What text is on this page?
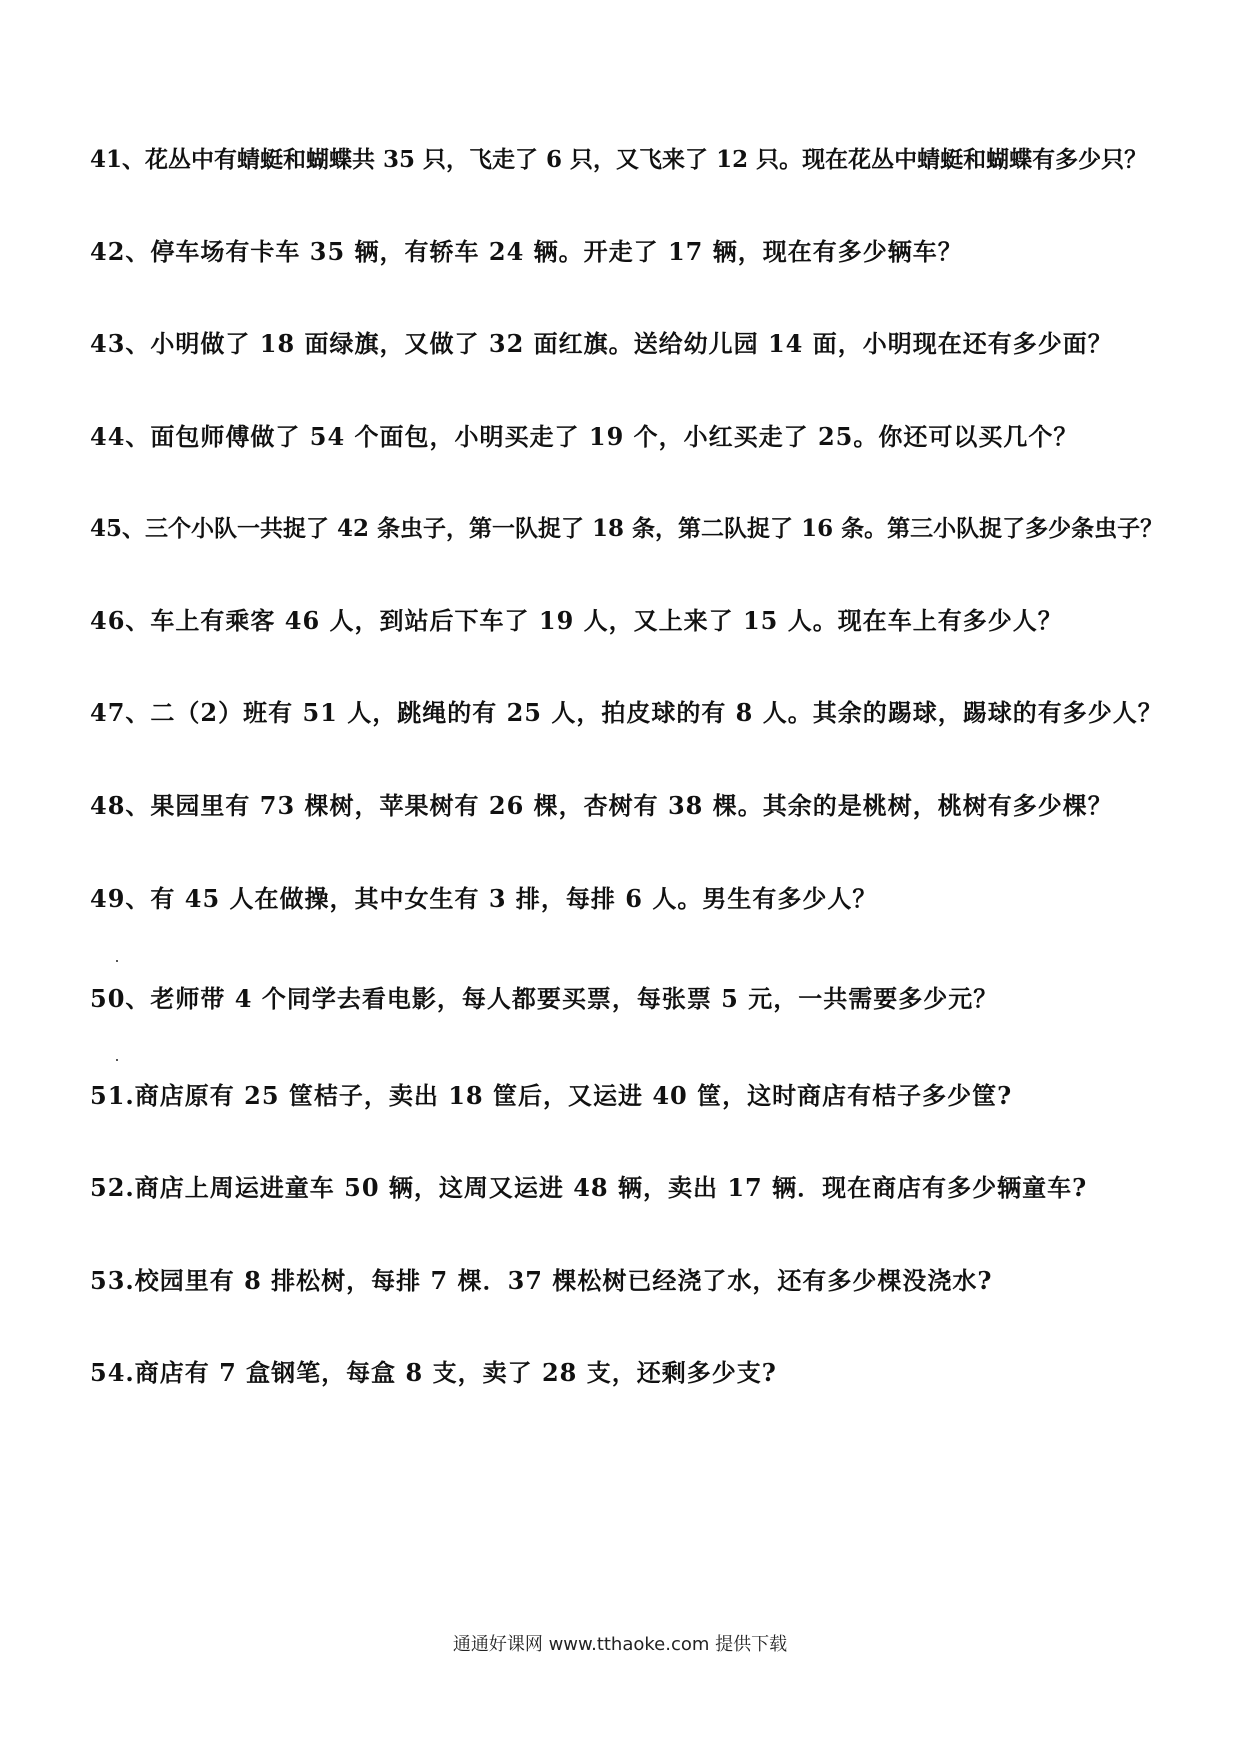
41、花丛中有蜻蜓和蝴蝶共 35 只，飞走了 6 只，又飞来了 12 只。现在花丛中蜻蜓和蝴蝶有多少只？
42、停车场有卡车 35 辆，有轿车 24 辆。开走了 17 辆，现在有多少辆车？
43、小明做了 18 面绿旗，又做了 32 面红旗。送给幼儿园 14 面，小明现在还有多少面？
44、面包师傅做了 54 个面包，小明买走了 19 个，小红买走了 25。你还可以买几个？
45、三个小队一共捉了 42 条虫子，第一队捉了 18 条，第二队捉了 16 条。第三小队捉了多少条虫子？
46、车上有乘客 46 人，到站后下车了 19 人，又上来了 15 人。现在车上有多少人？
47、二（2）班有 51 人，跳绳的有 25 人，拍皮球的有 8 人。其余的踢球，踢球的有多少人？
48、果园里有 73 棵树，苹果树有 26 棵，杏树有 38 棵。其余的是桃树，桃树有多少棵？
49、有 45 人在做操，其中女生有 3 排，每排 6 人。男生有多少人？
50、老师带 4 个同学去看电影，每人都要买票，每张票 5 元，一共需要多少元？
51.商店原有 25 筐桔子，卖出 18 筐后，又运进 40 筐，这时商店有桔子多少筐?
52.商店上周运进童车 50 辆，这周又运进 48 辆，卖出 17 辆．现在商店有多少辆童车?
53.校园里有 8 排松树，每排 7 棵．37 棵松树已经浇了水，还有多少棵没浇水?
54.商店有 7 盒钢笔，每盒 8 支，卖了 28 支，还剩多少支?
通通好课网 www.tthaoke.com 提供下载
